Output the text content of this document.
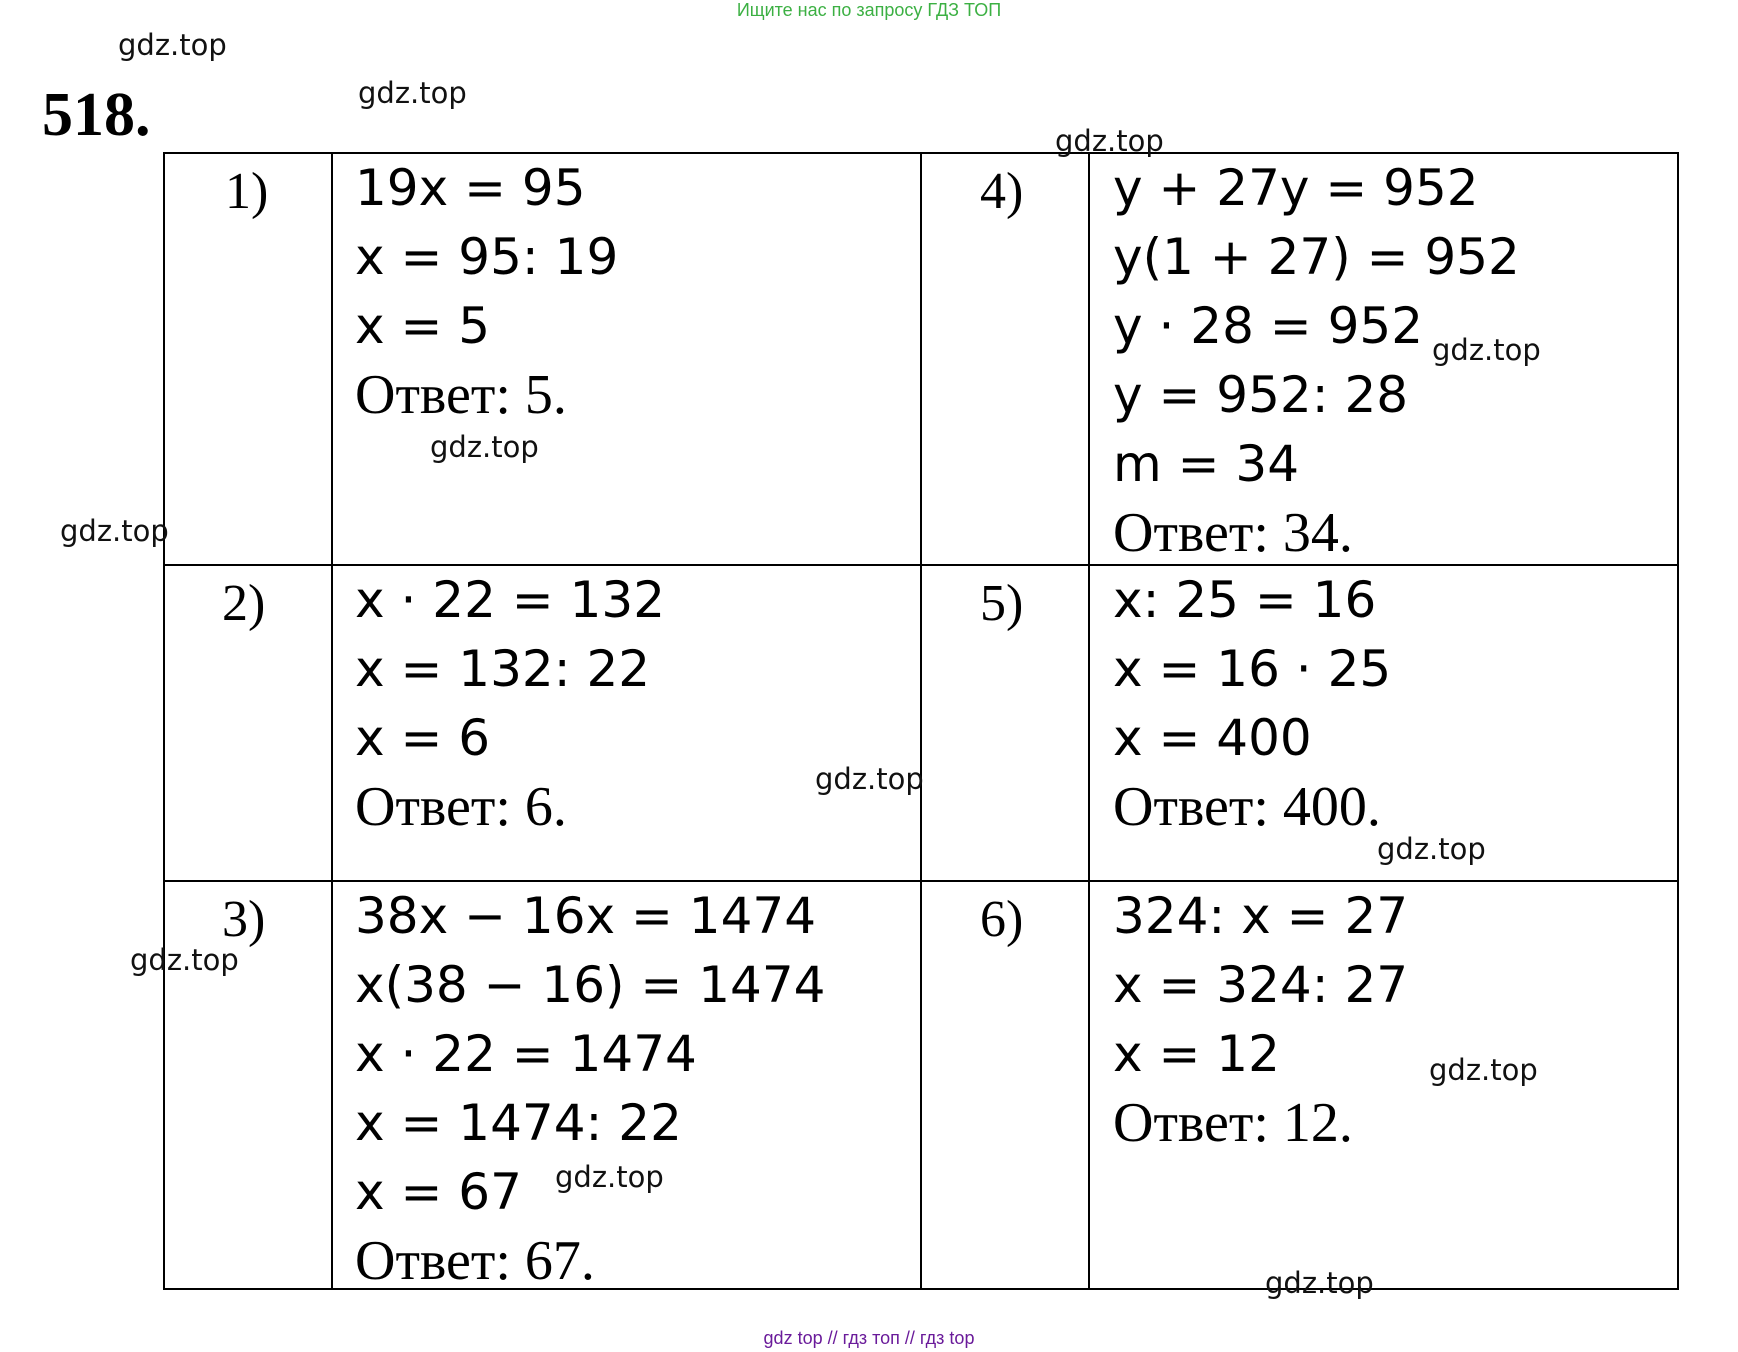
Ищите нас по запросу ГДЗ ТОП
518.
1) 19x = 95
x = 95: 19
x = 5
Ответ: 5.
2) x · 22 = 132
x = 132: 22
x = 6
Ответ: 6.
3) 38x − 16x = 1474
x(38 − 16) = 1474
x · 22 = 1474
x = 1474: 22
x = 67
Ответ: 67.
4) y + 27y = 952
y(1 + 27) = 952
y · 28 = 952
y = 952: 28
m = 34
Ответ: 34.
5) x: 25 = 16
x = 16 · 25
x = 400
Ответ: 400.
6) 324: x = 27
x = 324: 27
x = 12
Ответ: 12.
gdz.top
gdz.top
gdz.top
gdz.top
gdz.top
gdz.top
gdz.top
gdz.top
gdz.top
gdz.top
gdz.top
gdz.top
gdz top // гдз топ // гдз top
